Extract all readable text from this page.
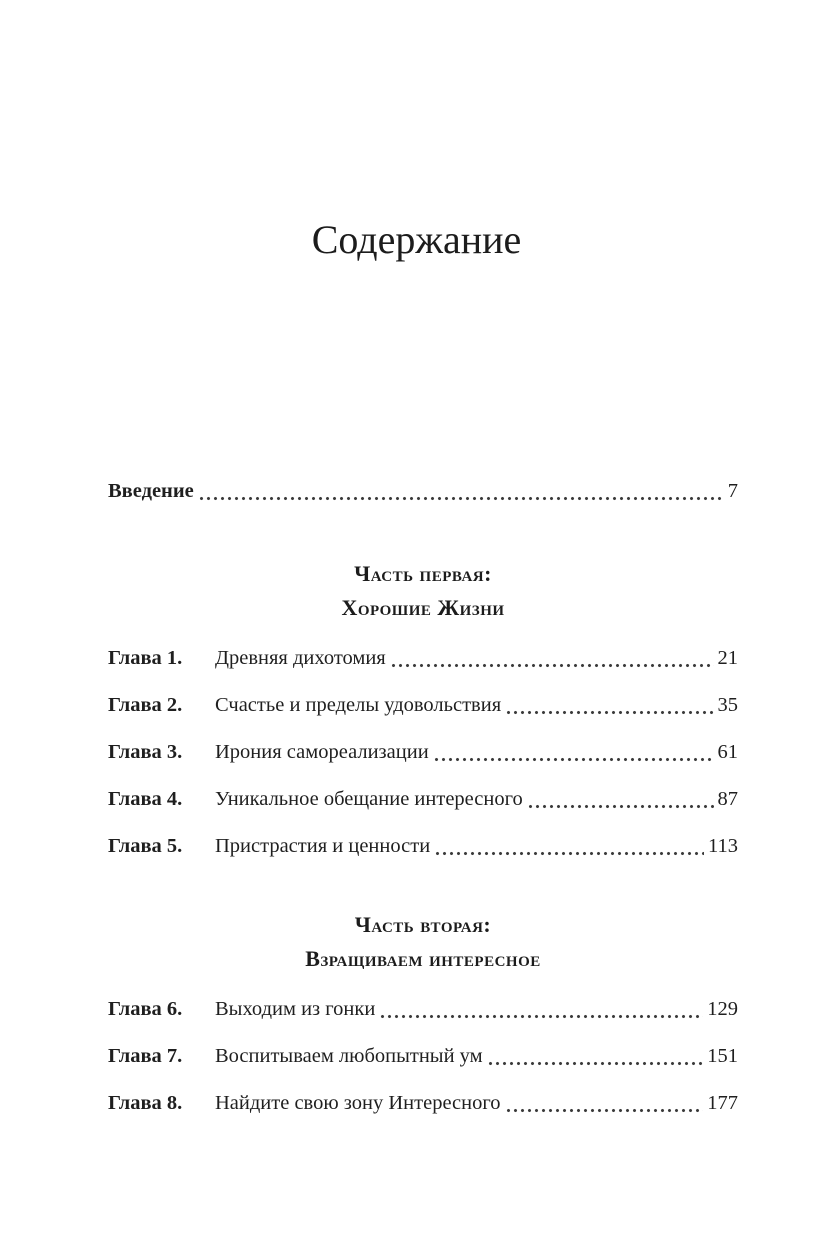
Содержание
Введение	7
Часть первая:
Хорошие Жизни
Глава 1.	Древняя дихотомия	21
Глава 2.	Счастье и пределы удовольствия	35
Глава 3.	Ирония самореализации	61
Глава 4.	Уникальное обещание интересного	87
Глава 5.	Пристрастия и ценности	113
Часть вторая:
Взращиваем интересное
Глава 6.	Выходим из гонки	129
Глава 7.	Воспитываем любопытный ум	151
Глава 8.	Найдите свою зону Интересного	177
